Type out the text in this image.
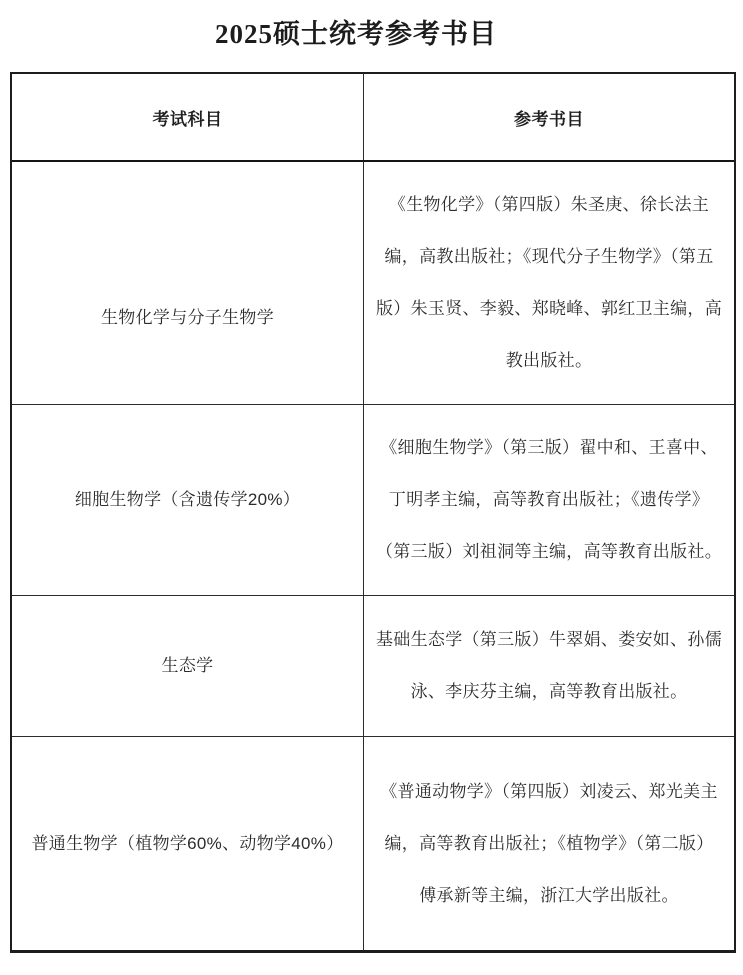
2025硕士统考参考书目
考试科目	参考书目
生物化学与分子生物学
《生物化学》（第四版）朱圣庚、徐长法主
编，高教出版社；《现代分子生物学》（第五
版）朱玉贤、李毅、郑晓峰、郭红卫主编，高
教出版社。
细胞生物学（含遗传学20%）
《细胞生物学》（第三版）翟中和、王喜中、
丁明孝主编，高等教育出版社；《遗传学》
（第三版）刘祖洞等主编，高等教育出版社。
生态学
基础生态学（第三版）牛翠娟、娄安如、孙儒
泳、李庆芬主编，高等教育出版社。
普通生物学（植物学60%、动物学40%）
《普通动物学》（第四版）刘凌云、郑光美主
编，高等教育出版社；《植物学》（第二版）
傅承新等主编，浙江大学出版社。
